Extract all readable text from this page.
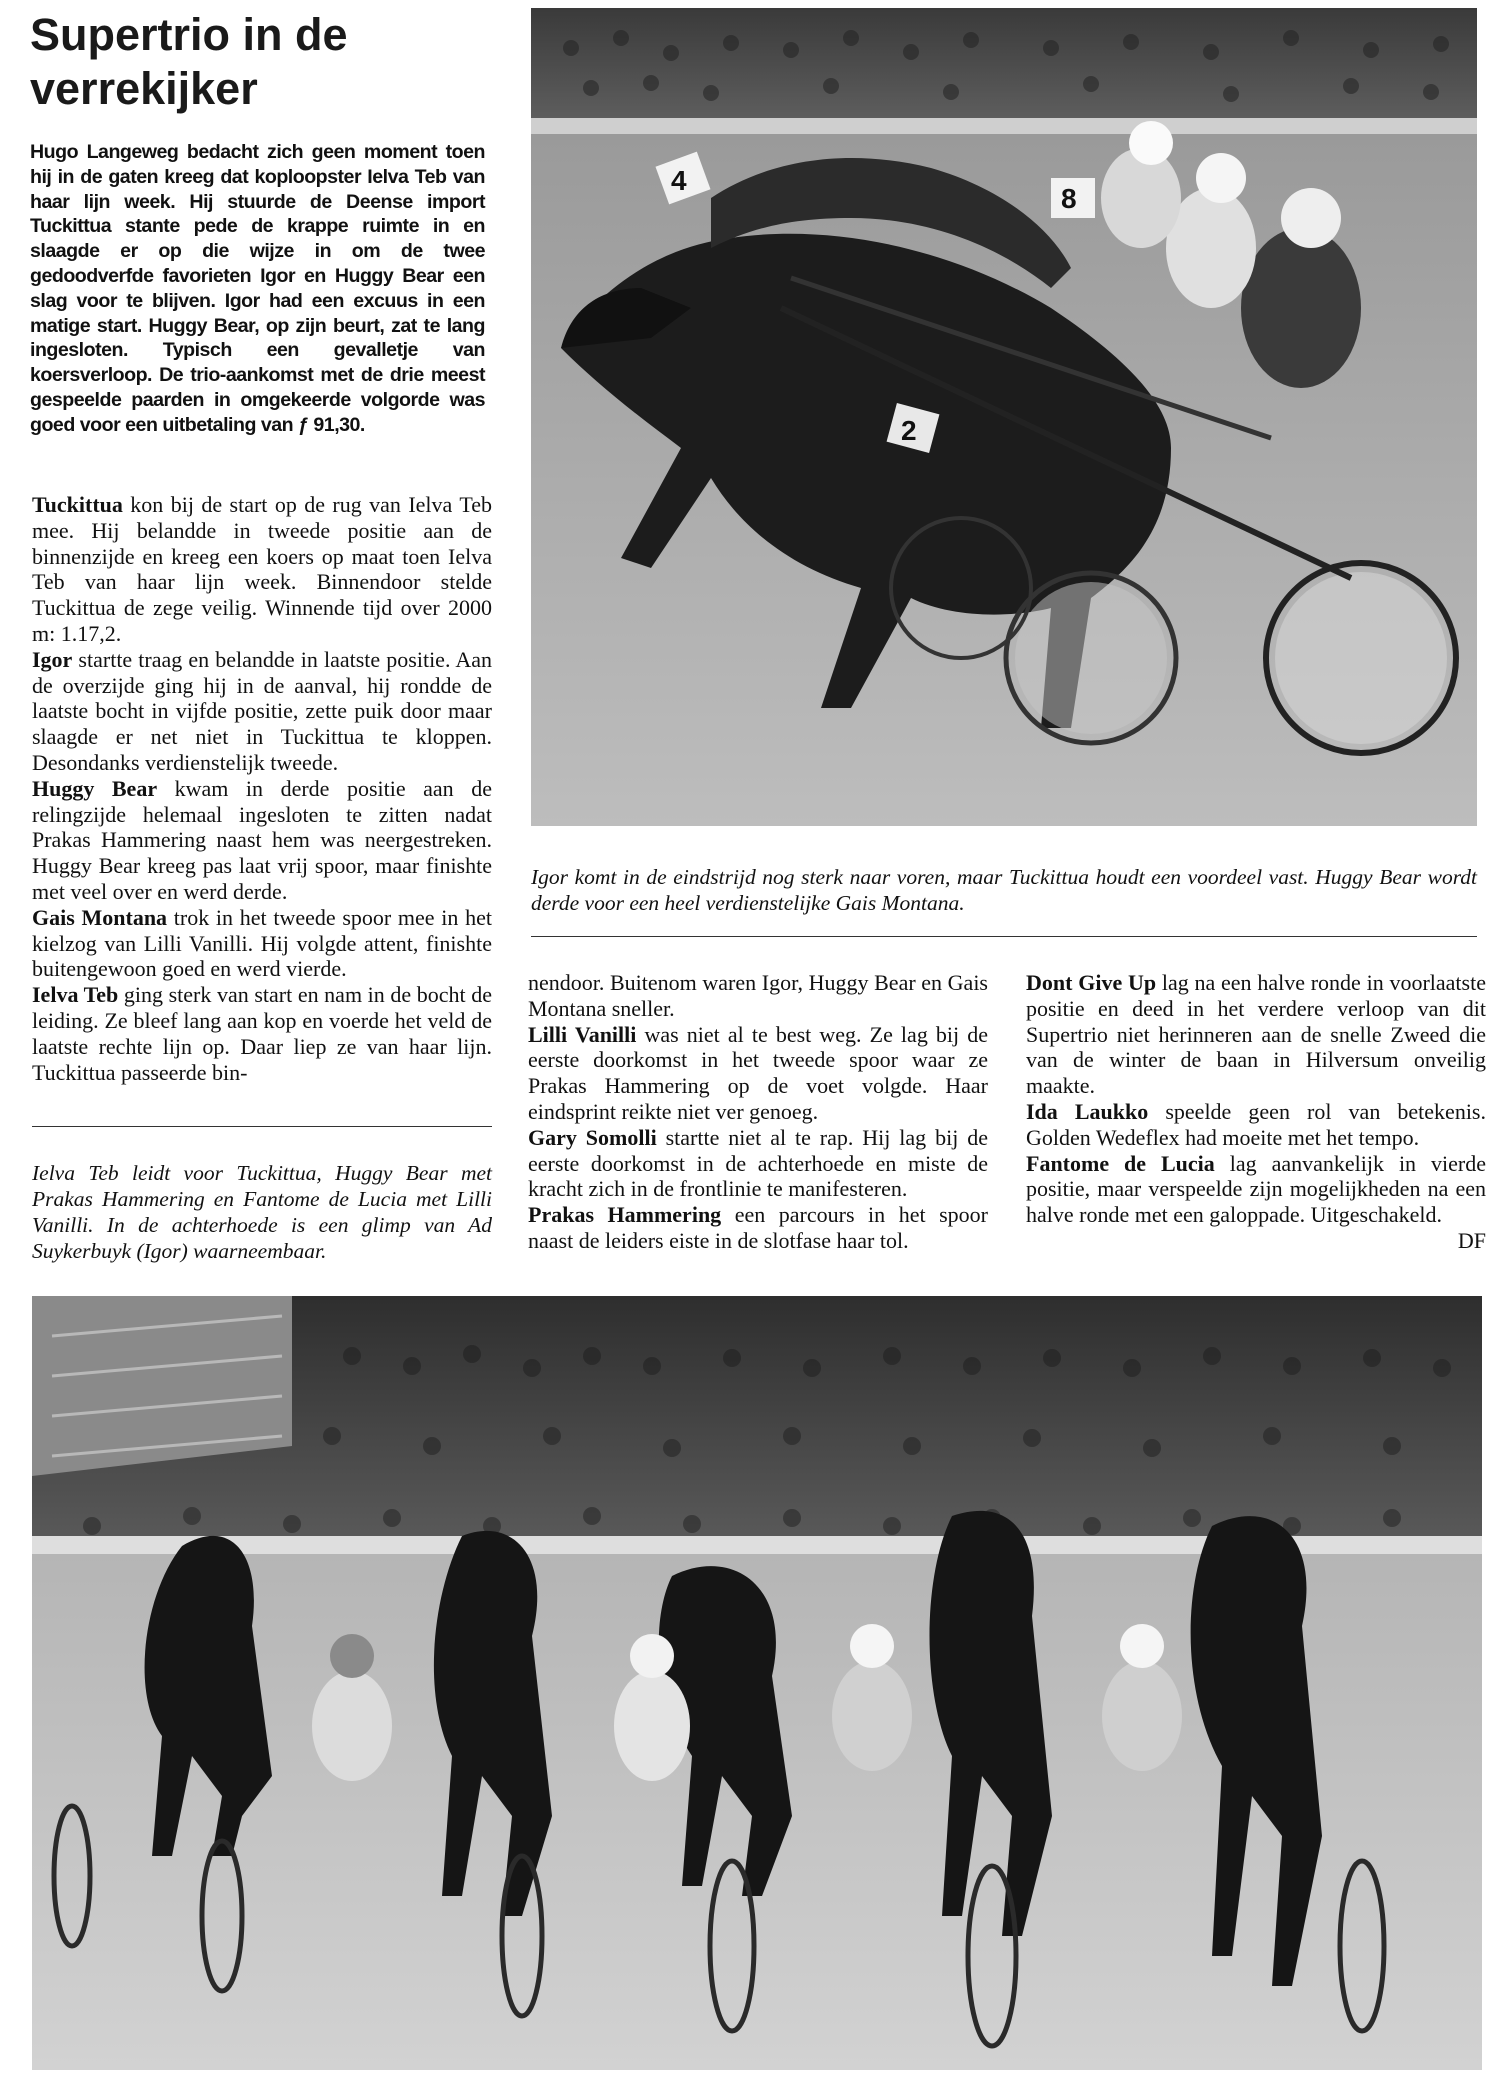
Supertrio in de
verrekijker
Hugo Langeweg bedacht zich geen moment toen hij in de gaten kreeg dat koploopster Ielva Teb van haar lijn week. Hij stuurde de Deense import Tuckittua stante pede de krappe ruimte in en slaagde er op die wijze in om de twee gedoodverfde favorieten Igor en Huggy Bear een slag voor te blijven. Igor had een excuus in een matige start. Huggy Bear, op zijn beurt, zat te lang ingesloten. Typisch een gevalletje van koersverloop. De trio-aankomst met de drie meest gespeelde paarden in omgekeerde volgorde was goed voor een uitbetaling van ƒ 91,30.
4
8
2
Igor komt in de eindstrijd nog sterk naar voren, maar Tuckittua houdt een voordeel vast. Huggy Bear wordt derde voor een heel verdienstelijke Gais Montana.

Tuckittua kon bij de start op de rug van Ielva Teb mee. Hij belandde in tweede positie aan de binnenzijde en kreeg een koers op maat toen Ielva Teb van haar lijn week. Binnendoor stelde Tuckittua de zege veilig. Winnende tijd over 2000 m: 1.17,2.

Igor startte traag en belandde in laatste positie. Aan de overzijde ging hij in de aanval, hij rondde de laatste bocht in vijfde positie, zette puik door maar slaagde er net niet in Tuckittua te kloppen. Desondanks verdienstelijk tweede.

Huggy Bear kwam in derde positie aan de relingzijde helemaal ingesloten te zitten nadat Prakas Hammering naast hem was neergestreken. Huggy Bear kreeg pas laat vrij spoor, maar finishte met veel over en werd derde.

Gais Montana trok in het tweede spoor mee in het kielzog van Lilli Vanilli. Hij volgde attent, finishte buitengewoon goed en werd vierde.

Ielva Teb ging sterk van start en nam in de bocht de leiding. Ze bleef lang aan kop en voerde het veld de laatste rechte lijn op. Daar liep ze van haar lijn. Tuckittua passeerde bin-

Ielva Teb leidt voor Tuckittua, Huggy Bear met Prakas Hammering en Fantome de Lucia met Lilli Vanilli. In de achterhoede is een glimp van Ad Suykerbuyk (Igor) waarneembaar.

nendoor. Buitenom waren Igor, Huggy Bear en Gais Montana sneller.

Lilli Vanilli was niet al te best weg. Ze lag bij de eerste doorkomst in het tweede spoor waar ze Prakas Hammering op de voet volgde. Haar eindsprint reikte niet ver genoeg.

Gary Somolli startte niet al te rap. Hij lag bij de eerste doorkomst in de achterhoede en miste de kracht zich in de frontlinie te manifesteren.

Prakas Hammering een parcours in het spoor naast de leiders eiste in de slotfase haar tol.

Dont Give Up lag na een halve ronde in voorlaatste positie en deed in het verdere verloop van dit Supertrio niet herinneren aan de snelle Zweed die van de winter de baan in Hilversum onveilig maakte.

Ida Laukko speelde geen rol van betekenis. Golden Wedeflex had moeite met het tempo.

Fantome de Lucia lag aanvankelijk in vierde positie, maar verspeelde zijn mogelijkheden na een halve ronde met een galoppade. Uitgeschakeld.

DF
